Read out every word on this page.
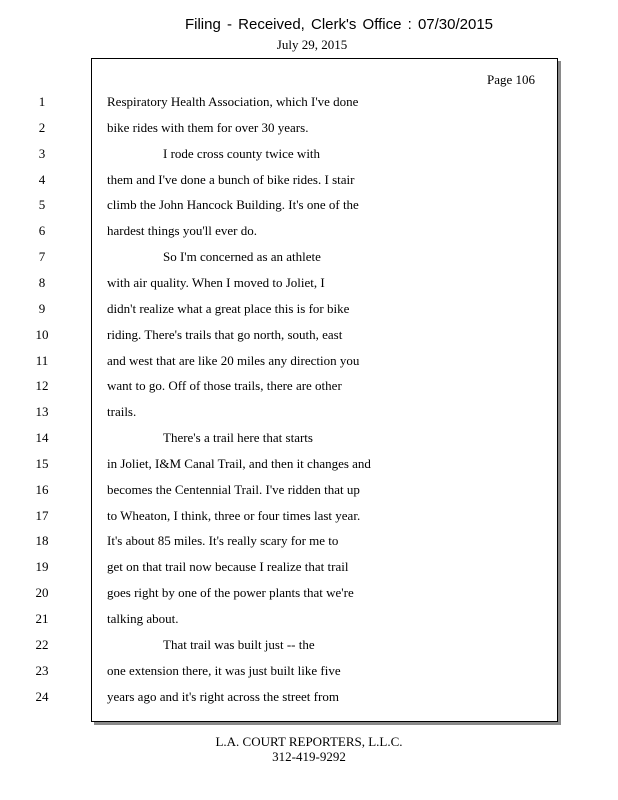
Filing - Received, Clerk's Office : 07/30/2015
July 29, 2015
Page 106
1	Respiratory Health Association, which I've done
2	bike rides with them for over 30 years.
3	I rode cross county twice with
4	them and I've done a bunch of bike rides. I stair
5	climb the John Hancock Building. It's one of the
6	hardest things you'll ever do.
7	So I'm concerned as an athlete
8	with air quality. When I moved to Joliet, I
9	didn't realize what a great place this is for bike
10	riding. There's trails that go north, south, east
11	and west that are like 20 miles any direction you
12	want to go. Off of those trails, there are other
13	trails.
14	There's a trail here that starts
15	in Joliet, I&M Canal Trail, and then it changes and
16	becomes the Centennial Trail. I've ridden that up
17	to Wheaton, I think, three or four times last year.
18	It's about 85 miles. It's really scary for me to
19	get on that trail now because I realize that trail
20	goes right by one of the power plants that we're
21	talking about.
22	That trail was built just -- the
23	one extension there, it was just built like five
24	years ago and it's right across the street from
L.A. COURT REPORTERS, L.L.C.
312-419-9292
